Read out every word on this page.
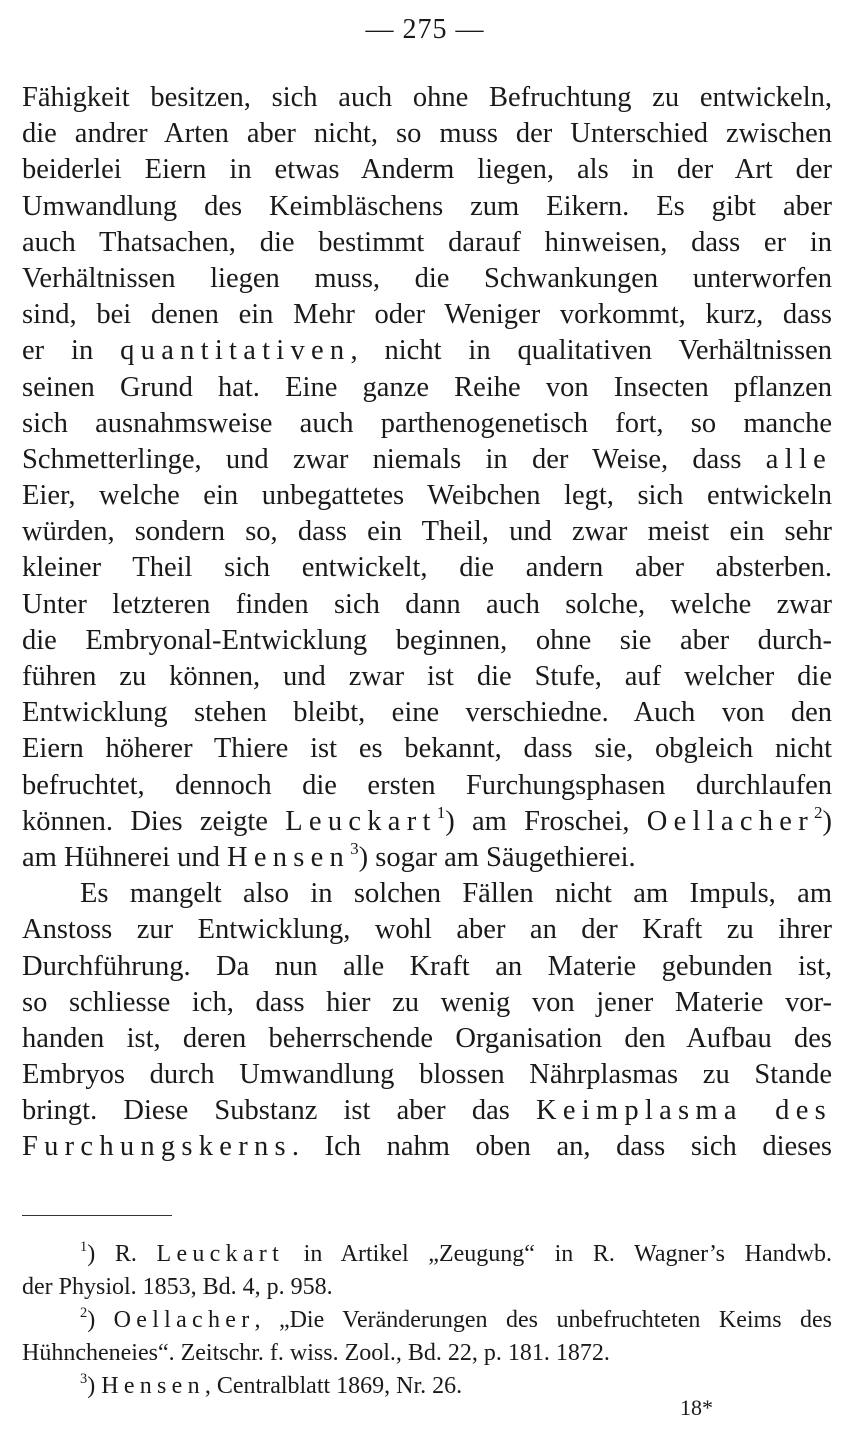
— 275 —
Fähigkeit besitzen, sich auch ohne Befruchtung zu entwickeln,
die andrer Arten aber nicht, so muss der Unterschied zwischen
beiderlei Eiern in etwas Anderm liegen, als in der Art der
Umwandlung des Keimbläschens zum Eikern. Es gibt aber
auch Thatsachen, die bestimmt darauf hinweisen, dass er in
Verhältnissen liegen muss, die Schwankungen unterworfen
sind, bei denen ein Mehr oder Weniger vorkommt, kurz, dass
er in quantitativen, nicht in qualitativen Verhältnissen
seinen Grund hat. Eine ganze Reihe von Insecten pflanzen
sich ausnahmsweise auch parthenogenetisch fort, so manche
Schmetterlinge, und zwar niemals in der Weise, dass alle
Eier, welche ein unbegattetes Weibchen legt, sich entwickeln
würden, sondern so, dass ein Theil, und zwar meist ein sehr
kleiner Theil sich entwickelt, die andern aber absterben.
Unter letzteren finden sich dann auch solche, welche zwar
die Embryonal-Entwicklung beginnen, ohne sie aber durch-
führen zu können, und zwar ist die Stufe, auf welcher die
Entwicklung stehen bleibt, eine verschiedne. Auch von den
Eiern höherer Thiere ist es bekannt, dass sie, obgleich nicht
befruchtet, dennoch die ersten Furchungsphasen durchlaufen
können. Dies zeigte Leuckart$^1$) am Froschei, Oellacher$^2$)
am Hühnerei und Hensen$^3$) sogar am Säugethierei.
Es mangelt also in solchen Fällen nicht am Impuls, am
Anstoss zur Entwicklung, wohl aber an der Kraft zu ihrer
Durchführung. Da nun alle Kraft an Materie gebunden ist,
so schliesse ich, dass hier zu wenig von jener Materie vor-
handen ist, deren beherrschende Organisation den Aufbau des
Embryos durch Umwandlung blossen Nährplasmas zu Stande
bringt. Diese Substanz ist aber das Keimplasma des
Furchungskerns. Ich nahm oben an, dass sich dieses
$^1$) R. Leuckart in Artikel „Zeugung“ in R. Wagner’s Handwb.
der Physiol. 1853, Bd. 4, p. 958.
$^2$) Oellacher, „Die Veränderungen des unbefruchteten Keims des
Hühncheneies“. Zeitschr. f. wiss. Zool., Bd. 22, p. 181. 1872.
$^3$) Hensen, Centralblatt 1869, Nr. 26.
18*
